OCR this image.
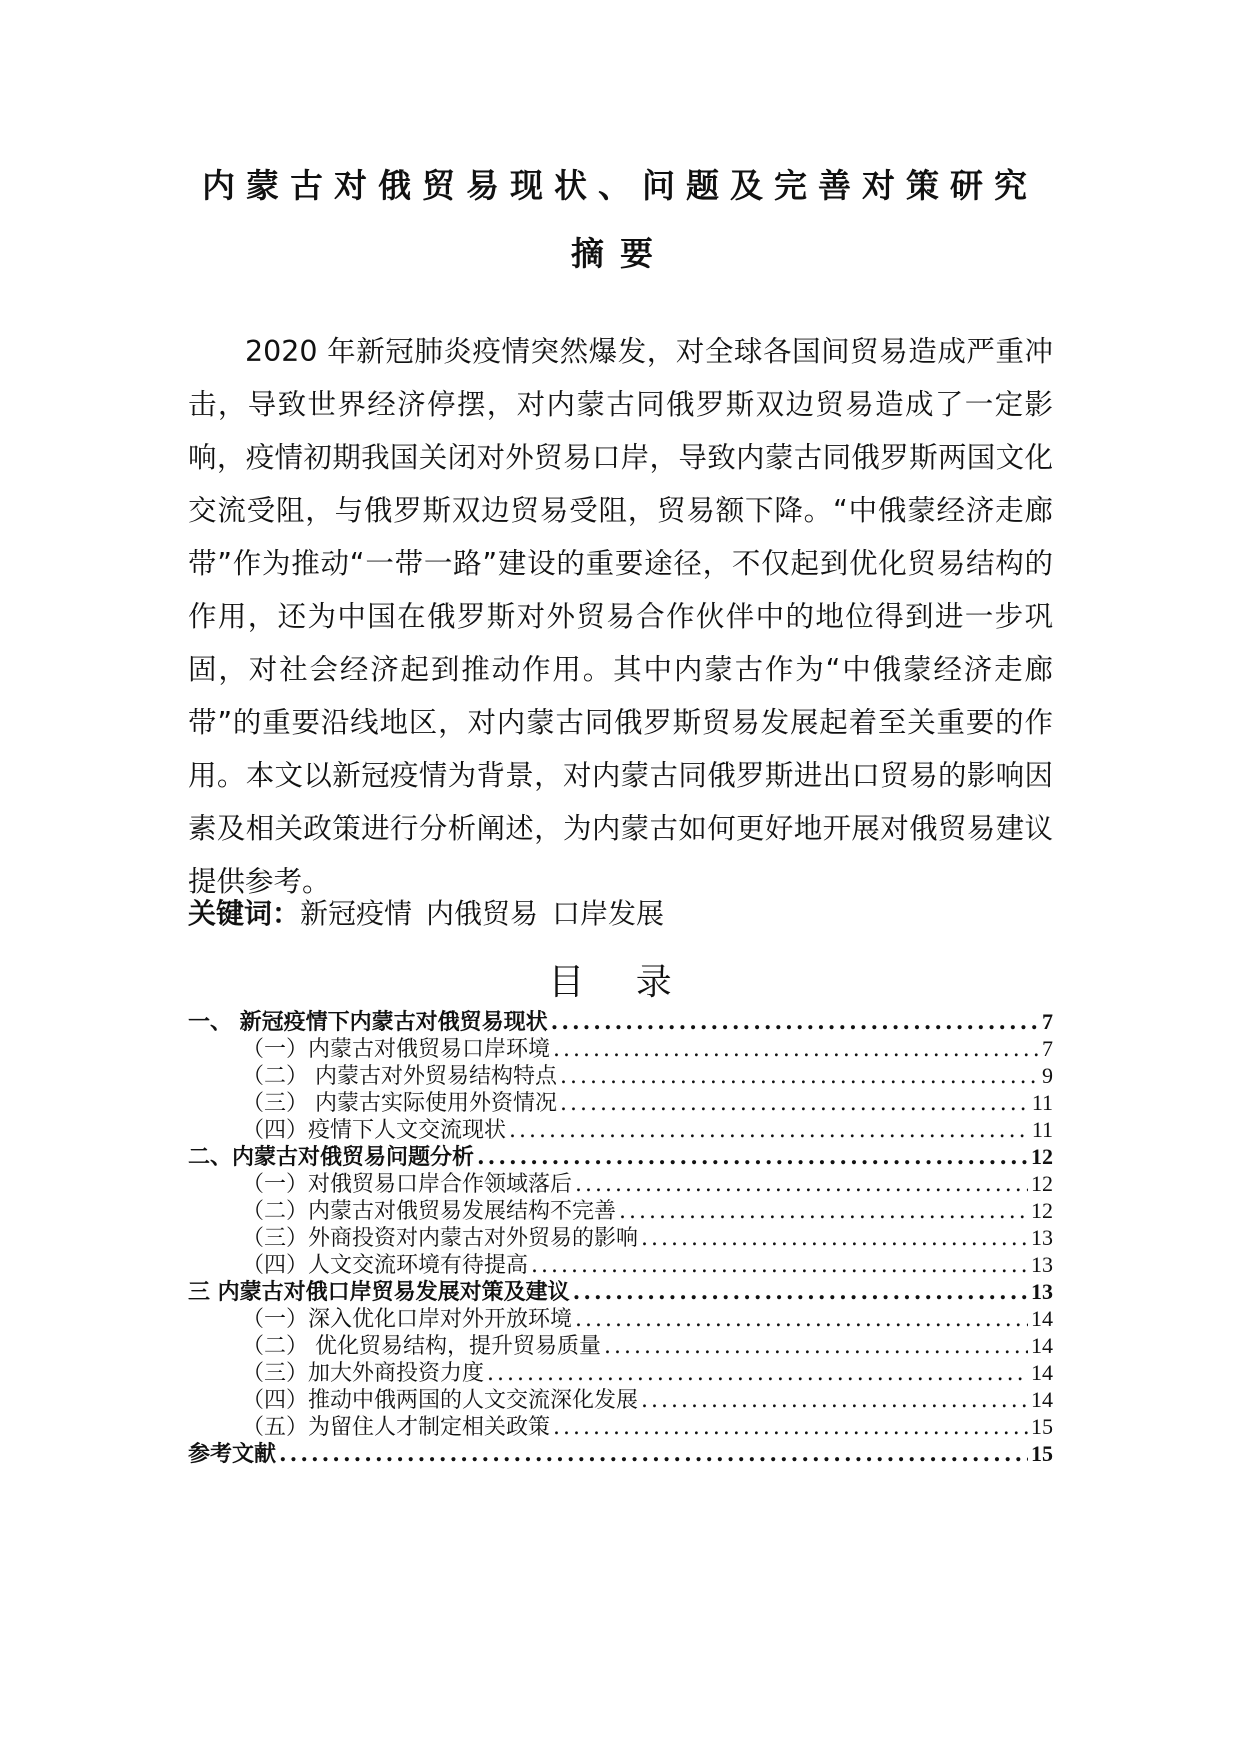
内蒙古对俄贸易现状、问题及完善对策研究
摘要

2020 年新冠肺炎疫情突然爆发，对全球各国间贸易造成严重冲击，导致世界经济停摆，对内蒙古同俄罗斯双边贸易造成了一定影响，疫情初期我国关闭对外贸易口岸，导致内蒙古同俄罗斯两国文化交流受阻，与俄罗斯双边贸易受阻，贸易额下降。“中俄蒙经济走廊带”作为推动“一带一路”建设的重要途径，不仅起到优化贸易结构的作用，还为中国在俄罗斯对外贸易合作伙伴中的地位得到进一步巩固，对社会经济起到推动作用。其中内蒙古作为“中俄蒙经济走廊带”的重要沿线地区，对内蒙古同俄罗斯贸易发展起着至关重要的作用。本文以新冠疫情为背景，对内蒙古同俄罗斯进出口贸易的影响因素及相关政策进行分析阐述，为内蒙古如何更好地开展对俄贸易建议提供参考。

关键词：新冠疫情 内俄贸易 口岸发展
目 录
一、 新冠疫情下内蒙古对俄贸易现状 .....	7
（一）内蒙古对俄贸易口岸环境 .....	7
（二） 内蒙古对外贸易结构特点 .....	9
（三） 内蒙古实际使用外资情况 .....	11
（四）疫情下人文交流现状 .....	11
二、内蒙古对俄贸易问题分析 .....	12
（一）对俄贸易口岸合作领域落后 .....	12
（二）内蒙古对俄贸易发展结构不完善 .....	12
（三）外商投资对内蒙古对外贸易的影响 .....	13
（四）人文交流环境有待提高 .....	13
三 内蒙古对俄口岸贸易发展对策及建议 .....	13
（一）深入优化口岸对外开放环境 .....	14
（二） 优化贸易结构，提升贸易质量 .....	14
（三）加大外商投资力度 .....	14
（四）推动中俄两国的人文交流深化发展 .....	14
（五）为留住人才制定相关政策 .....	15
参考文献 .....	15
